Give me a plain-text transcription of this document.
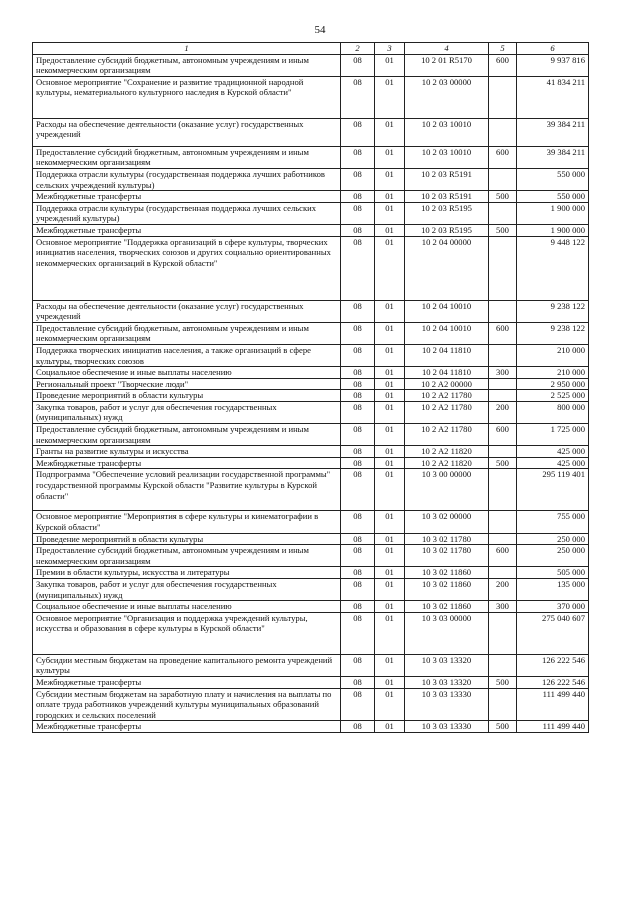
54
1	2	3	4	5	6
Предоставление субсидий бюджетным, автономным учреждениям и иным некоммерческим организациям	08	01	10 2 01 R5170	600	9 937 816
Основное мероприятие "Сохранение и развитие традиционной народной культуры, нематериального культурного наследия в Курской области"	08	01	10 2 03 00000		41 834 211
Расходы на обеспечение деятельности (оказание услуг) государственных учреждений	08	01	10 2 03 10010		39 384 211
Предоставление субсидий бюджетным, автономным учреждениям и иным некоммерческим организациям	08	01	10 2 03 10010	600	39 384 211
Поддержка отрасли культуры (государственная поддержка лучших работников сельских учреждений культуры)	08	01	10 2 03 R5191		550 000
Межбюджетные трансферты	08	01	10 2 03 R5191	500	550 000
Поддержка отрасли культуры (государственная поддержка лучших сельских учреждений культуры)	08	01	10 2 03 R5195		1 900 000
Межбюджетные трансферты	08	01	10 2 03 R5195	500	1 900 000
Основное мероприятие "Поддержка организаций в сфере культуры, творческих инициатив населения, творческих союзов и других социально ориентированных некоммерческих организаций в Курской области"	08	01	10 2 04 00000		9 448 122
Расходы на обеспечение деятельности (оказание услуг) государственных учреждений	08	01	10 2 04 10010		9 238 122
Предоставление субсидий бюджетным, автономным учреждениям и иным некоммерческим организациям	08	01	10 2 04 10010	600	9 238 122
Поддержка творческих инициатив населения, а также организаций в сфере культуры, творческих союзов	08	01	10 2 04 11810		210 000
Социальное обеспечение и иные выплаты населению	08	01	10 2 04 11810	300	210 000
Региональный проект "Творческие люди"	08	01	10 2 A2 00000		2 950 000
Проведение мероприятий в области культуры	08	01	10 2 A2 11780		2 525 000
Закупка товаров, работ и услуг для обеспечения государственных (муниципальных) нужд	08	01	10 2 A2 11780	200	800 000
Предоставление субсидий бюджетным, автономным учреждениям и иным некоммерческим организациям	08	01	10 2 A2 11780	600	1 725 000
Гранты на развитие культуры и искусства	08	01	10 2 A2 11820		425 000
Межбюджетные трансферты	08	01	10 2 A2 11820	500	425 000
Подпрограмма "Обеспечение условий реализации государственной программы" государственной программы Курской области "Развитие культуры в Курской области"	08	01	10 3 00 00000		295 119 401
Основное мероприятие "Мероприятия в сфере культуры и кинематографии в Курской области"	08	01	10 3 02 00000		755 000
Проведение мероприятий в области культуры	08	01	10 3 02 11780		250 000
Предоставление субсидий бюджетным, автономным учреждениям и иным некоммерческим организациям	08	01	10 3 02 11780	600	250 000
Премии в области культуры, искусства и литературы	08	01	10 3 02 11860		505 000
Закупка товаров, работ и услуг для обеспечения государственных (муниципальных) нужд	08	01	10 3 02 11860	200	135 000
Социальное обеспечение и иные выплаты населению	08	01	10 3 02 11860	300	370 000
Основное мероприятие "Организация и поддержка учреждений культуры, искусства и образования в сфере культуры в Курской области"	08	01	10 3 03 00000		275 040 607
Субсидии местным бюджетам на проведение капитального ремонта учреждений культуры	08	01	10 3 03 13320		126 222 546
Межбюджетные трансферты	08	01	10 3 03 13320	500	126 222 546
Субсидии местным бюджетам на заработную плату и начисления на выплаты по оплате труда работников учреждений культуры муниципальных образований городских и сельских поселений	08	01	10 3 03 13330		111 499 440
Межбюджетные трансферты	08	01	10 3 03 13330	500	111 499 440
